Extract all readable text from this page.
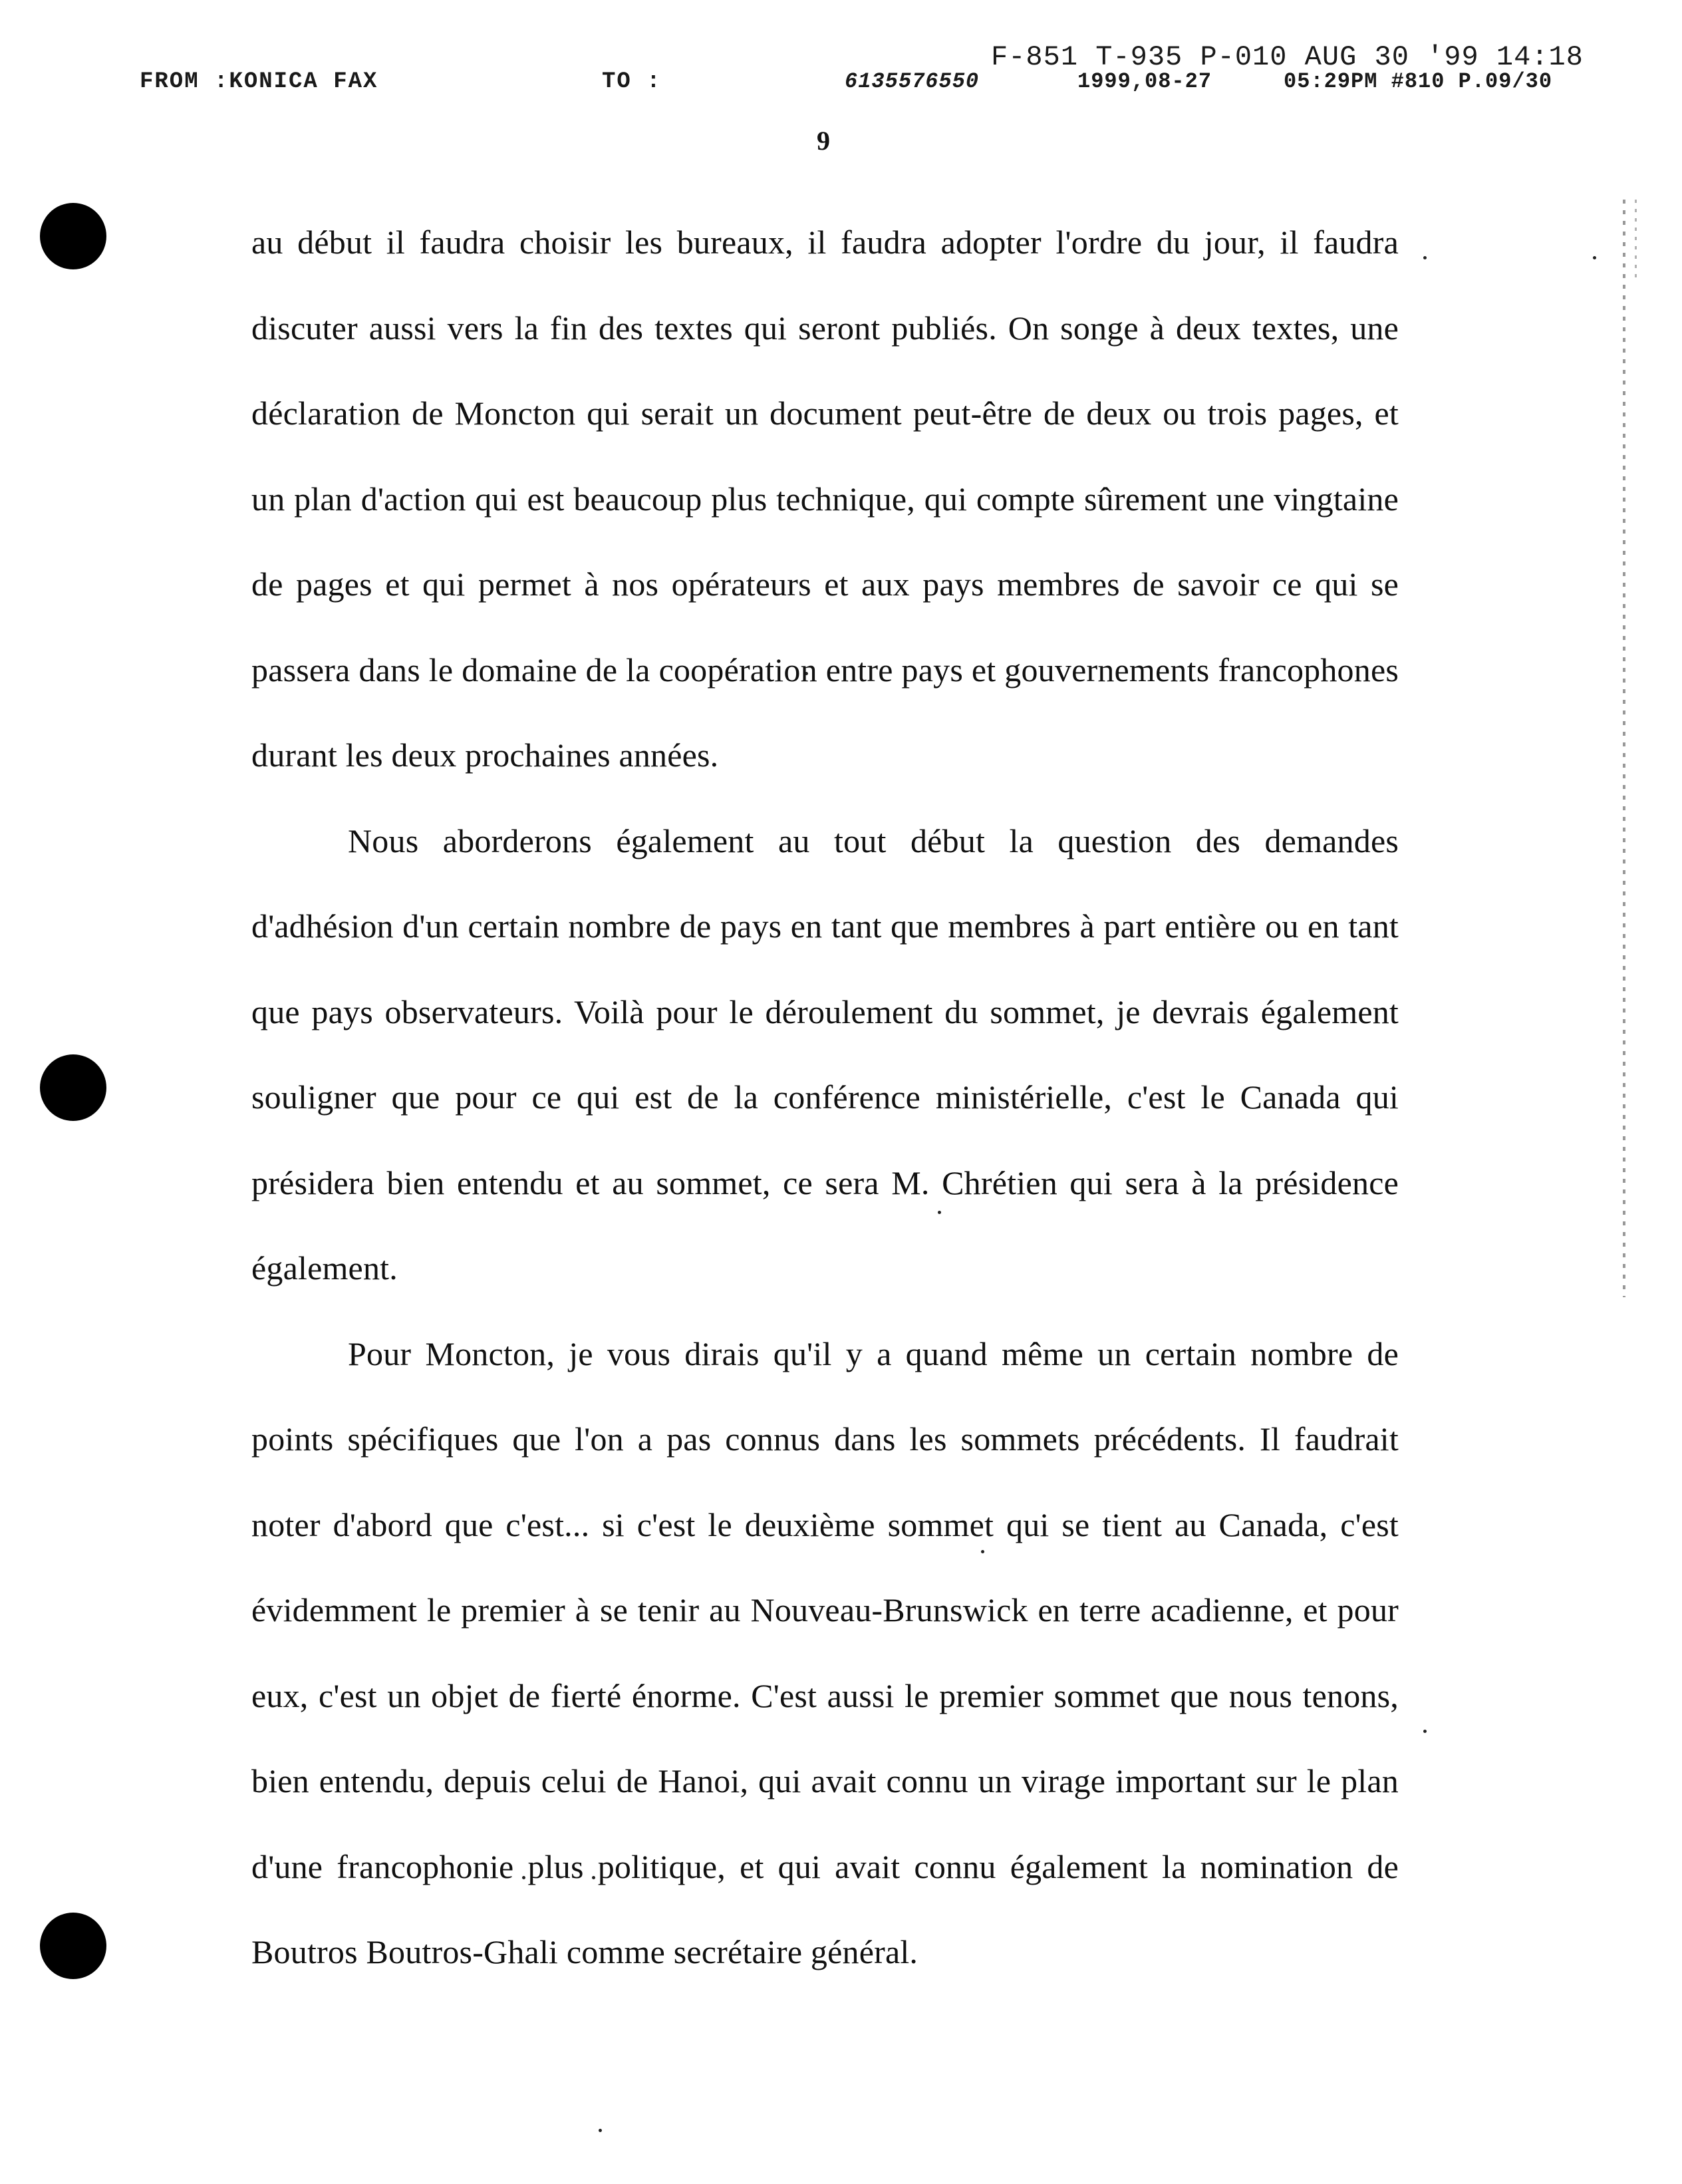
F-851 T-935 P-010 AUG 30 '99 14:18
FROM :KONICA FAX	TO :	6135576550	1999,08-27	05:29PM #810 P.09/30
9

au début il faudra choisir les bureaux, il faudra adopter l'ordre du jour, il faudra discuter aussi vers la fin des textes qui seront publiés. On songe à deux textes, une déclaration de Moncton qui serait un document peut-être de deux ou trois pages, et un plan d'action qui est beaucoup plus technique, qui compte sûrement une vingtaine de pages et qui permet à nos opérateurs et aux pays membres de savoir ce qui se passera dans le domaine de la coopération entre pays et gouvernements francophones durant les deux prochaines années.

Nous aborderons également au tout début la question des demandes d'adhésion d'un certain nombre de pays en tant que membres à part entière ou en tant que pays observateurs. Voilà pour le déroulement du sommet, je devrais également souligner que pour ce qui est de la conférence ministérielle, c'est le Canada qui présidera bien entendu et au sommet, ce sera M. Chrétien qui sera à la présidence également.

Pour Moncton, je vous dirais qu'il y a quand même un certain nombre de points spécifiques que l'on a pas connus dans les sommets précédents. Il faudrait noter d'abord que c'est... si c'est le deuxième sommet qui se tient au Canada, c'est évidemment le premier à se tenir au Nouveau-Brunswick en terre acadienne, et pour eux, c'est un objet de fierté énorme. C'est aussi le premier sommet que nous tenons, bien entendu, depuis celui de Hanoi, qui avait connu un virage important sur le plan d'une francophonie plus politique, et qui avait connu également la nomination de Boutros Boutros-Ghali comme secrétaire général.
